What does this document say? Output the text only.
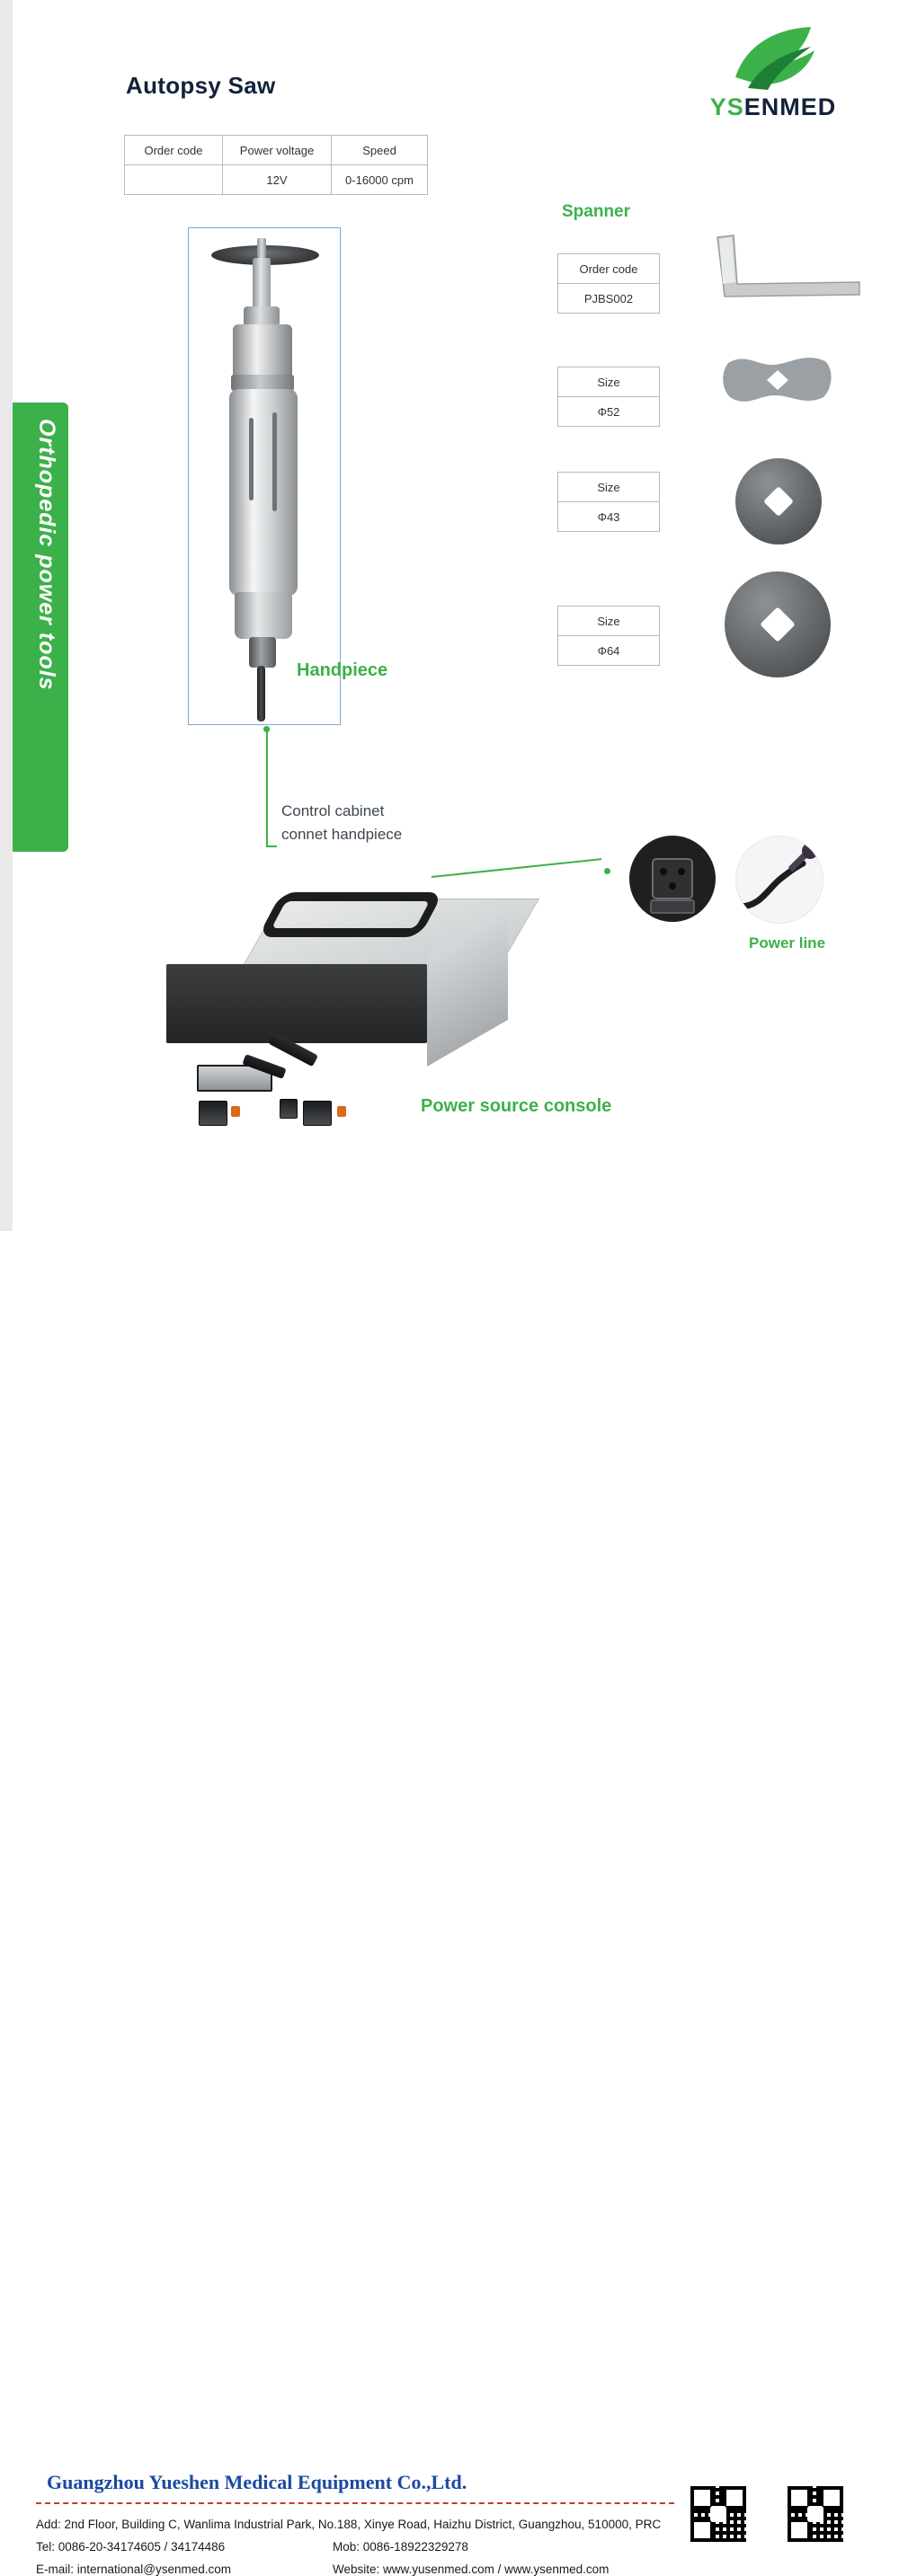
Orthopedic power tools
Autopsy Saw
YSENMED
Order code	Power voltage	Speed
	12V	0-16000 cpm
Handpiece
Control cabinet
connet handpiece
Spanner
Order code
PJBS002
Size
Φ52
Size
Φ43
Size
Φ64
Power line
Power source console
Guangzhou Yueshen Medical Equipment Co.,Ltd.
Add: 2nd Floor, Building C, Wanlima Industrial Park, No.188, Xinye Road, Haizhu District, Guangzhou, 510000, PRC
Tel: 0086-20-34174605 / 34174486	Mob: 0086-18922329278
E-mail: international@ysenmed.com	Website: www.yusenmed.com / www.ysenmed.com
